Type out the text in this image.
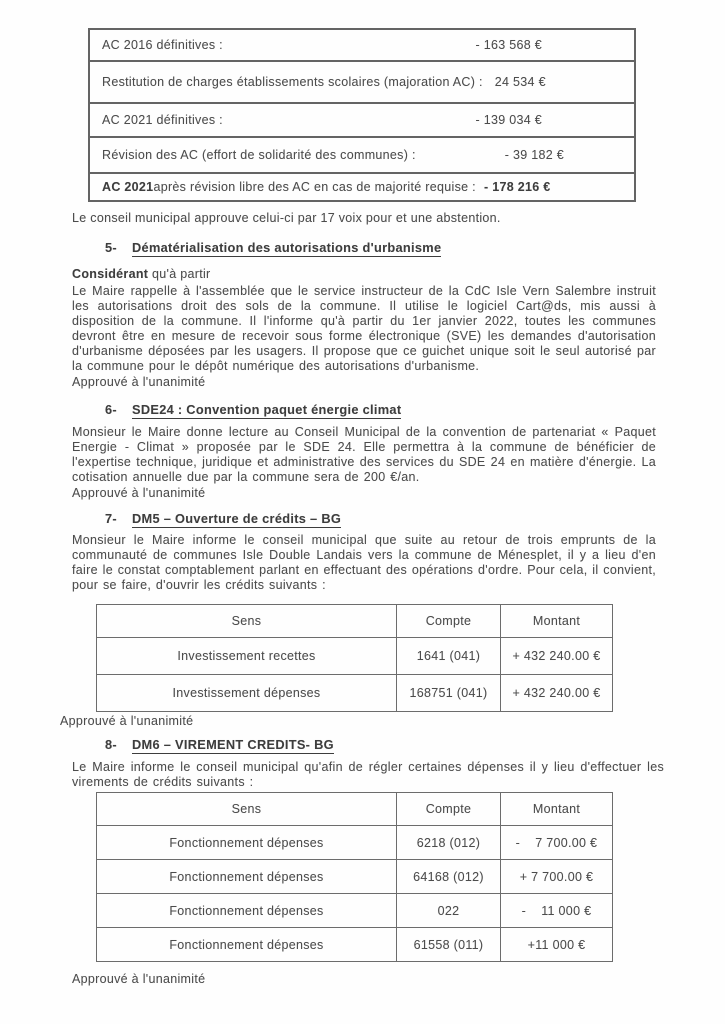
AC 2016 définitives :	- 163 568 €
Restitution de charges établissements scolaires (majoration AC) : 24 534 €
AC 2021 définitives :	- 139 034 €
Révision des AC (effort de solidarité des communes) :	- 39 182 €
AC 2021 après révision libre des AC en cas de majorité requise : - 178 216 €

Le conseil municipal approuve celui-ci par 17 voix pour et une abstention.

5- Dématérialisation des autorisations d'urbanisme

Considérant qu'à partir

Le Maire rappelle à l'assemblée que le service instructeur de la CdC Isle Vern Salembre instruit les autorisations droit des sols de la commune. Il utilise le logiciel Cart@ds, mis aussi à disposition de la commune. Il l'informe qu'à partir du 1er janvier 2022, toutes les communes devront être en mesure de recevoir sous forme électronique (SVE) les demandes d'autorisation d'urbanisme déposées par les usagers. Il propose que ce guichet unique soit le seul autorisé par la commune pour le dépôt numérique des autorisations d'urbanisme.

Approuvé à l'unanimité

6- SDE24 : Convention paquet énergie climat

Monsieur le Maire donne lecture au Conseil Municipal de la convention de partenariat « Paquet Energie - Climat » proposée par le SDE 24. Elle permettra à la commune de bénéficier de l'expertise technique, juridique et administrative des services du SDE 24 en matière d'énergie. La cotisation annuelle due par la commune sera de 200 €/an.

Approuvé à l'unanimité

7- DM5 – Ouverture de crédits – BG

Monsieur le Maire informe le conseil municipal que suite au retour de trois emprunts de la communauté de communes Isle Double Landais vers la commune de Ménesplet, il y a lieu d'en faire le constat comptablement parlant en effectuant des opérations d'ordre. Pour cela, il convient, pour se faire, d'ouvrir les crédits suivants :

Sens	Compte	Montant
Investissement recettes	1641 (041)	+ 432 240.00 €
Investissement dépenses	168751 (041)	+ 432 240.00 €

Approuvé à l'unanimité

8- DM6 – VIREMENT CREDITS- BG

Le Maire informe le conseil municipal qu'afin de régler certaines dépenses il y lieu d'effectuer les virements de crédits suivants :

Sens	Compte	Montant
Fonctionnement dépenses	6218 (012)	-    7 700.00 €
Fonctionnement dépenses	64168 (012)	+ 7 700.00 €
Fonctionnement dépenses	022	-    11 000 €
Fonctionnement dépenses	61558 (011)	+11 000 €

Approuvé à l'unanimité
